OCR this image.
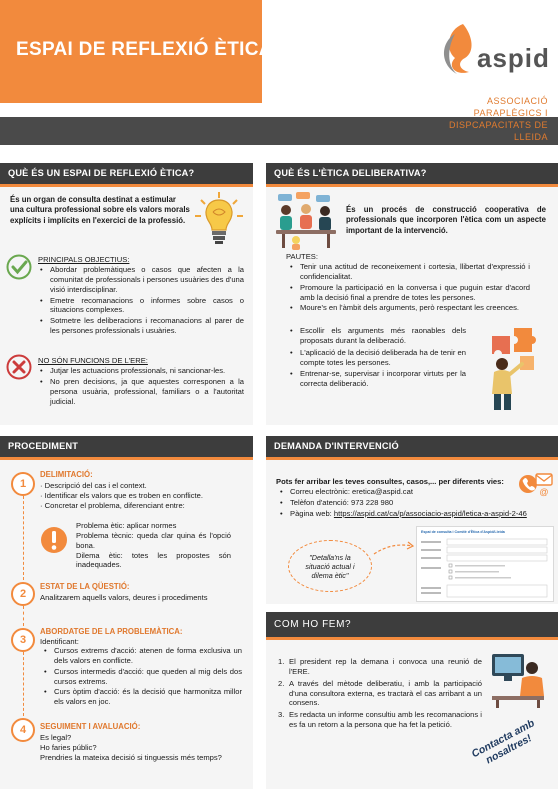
ESPAI DE REFLEXIÓ ÈTICA	aspid
ASSOCIACIÓ
PARAPLÈGICS I
DISPCAPACITATS DE
LLEIDA
QUÈ ÉS UN ESPAI DE REFLEXIÓ ÈTICA?
És un organ de consulta destinat a estimular una cultura professional sobre els valors morals explícits i implícits en l'exercici de la professió.
PRINCIPALS OBJECTIUS:
• Abordar problemàtiques o casos que afecten a la comunitat de professionals i persones usuàries des d'una visió interdisciplinar.
• Emetre recomanacions o informes sobre casos o situacions complexes.
• Sotmetre les deliberacions i recomanacions al parer de les persones professionals i usuàries.
NO SÓN FUNCIONS DE L'ERE:
• Jutjar les actuacions professionals, ni sancionar-les.
• No pren decisions, ja que aquestes corresponen a la persona usuària, professional, familiars o a l'autoritat judicial.
QUÈ ÉS L'ÈTICA DELIBERATIVA?
És un procés de construcció cooperativa de professionals que incorporen l'ètica com un aspecte important de la intervenció.
PAUTES:
• Tenir una actitud de reconeixement i cortesia, llibertat d'expressió i confidencialitat.
• Promoure la participació en la conversa i que puguin estar d'acord amb la decisió final a prendre de totes les persones.
• Moure's en l'àmbit dels arguments, però respectant les creences.
• Escollir els arguments més raonables dels proposats durant la deliberació.
• L'aplicació de la decisió deliberada ha de tenir en compte totes les persones.
• Entrenar-se, supervisar i incorporar virtuts per la correcta deliberació.
PROCEDIMENT
1
DELIMITACIÓ:
· Descripció del cas i el context.
· Identificar els valors que es troben en conflicte.
· Concretar el problema, diferenciant entre:
Problema ètic: aplicar normes
Problema tècnic: queda clar quina és l'opció bona.
Dilema ètic: totes les propostes són inadequades.
2
ESTAT DE LA QÜESTIÓ:
Analitzarem aquells valors, deures i procediments
3
ABORDATGE DE LA PROBLEMÀTICA:
Identificant:
• Cursos extrems d'acció: atenen de forma exclusiva un dels valors en conflicte.
• Cursos intermedis d'acció: que queden al mig dels dos cursos extrems.
• Curs òptim d'acció: és la decisió que harmonitza millor els valors en joc.
4	SEGUIMENT I AVALUACIÓ:
Es legal?
Ho faries públic?
Prendries la mateixa decisió si tinguessis més temps?
DEMANDA D'INTERVENCIÓ
Pots fer arribar les teves consultes, casos,... per diferents vies:
@
• Correu electrònic: eretica@aspid.cat
• Telèfon d'atenció: 973 228 980
• Pàgina web: https://aspid.cat/ca/p/associacio-aspid/letica-a-aspid-2-46
"Detalla'ns la situació actual i dilema ètic"
Espai de consulta i Comitè d'Ètica d'Aspid/Lleida
COM HO FEM?
1. El president rep la demana i convoca una reunió de l'ERE.
2. A través del mètode deliberatiu, i amb la participació d'una consultora externa, es tractarà el cas arribant a un consens.
3. Es redacta un informe consultiu amb les recomanacions i es fa un retorn a la persona que ha fet la petició.	Contacta amb nosaltres!
